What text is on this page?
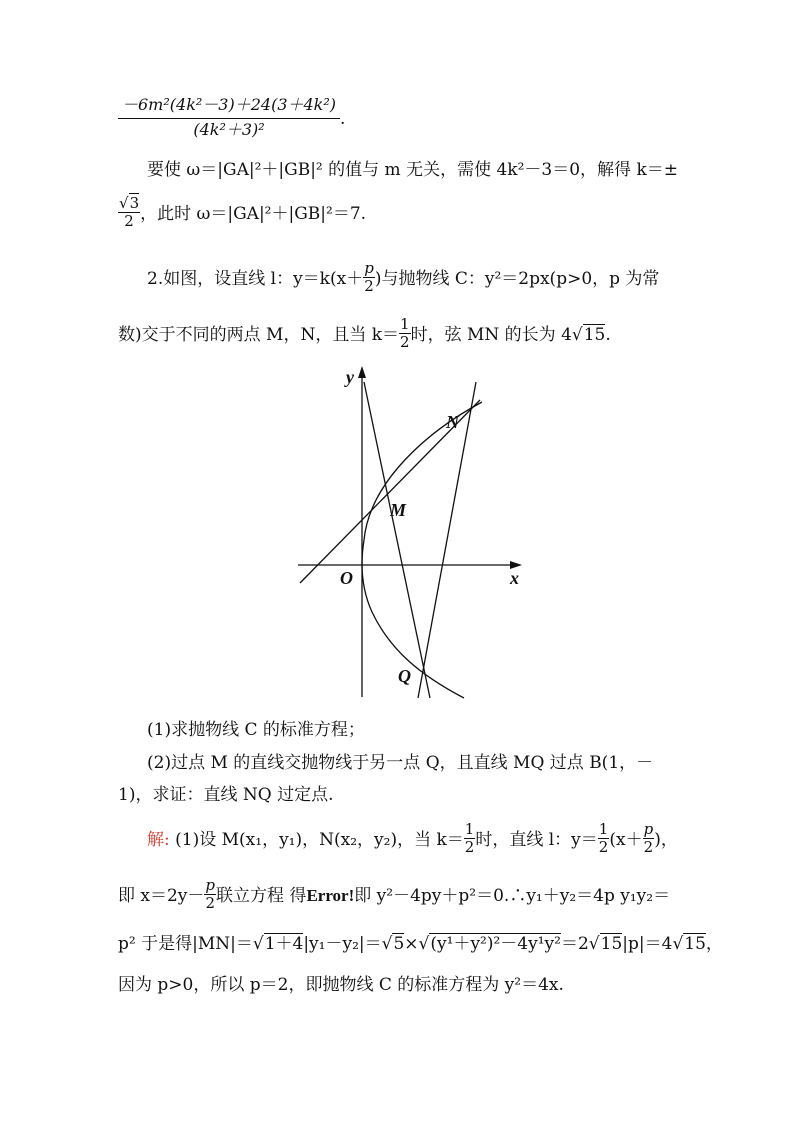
$\frac{\text{－6m²(4k²－3)＋24(3＋4k²)}}{\text{(4k²＋3)²}}$ .
要使 ω＝|GA|²＋|GB|² 的值与 m 无关，需使 4k²－3＝0，解得 k＝±
$\frac{√3}{2}$ ，此时 ω＝|GA|²＋|GB|²＝7.
2.如图，设直线 l：$y=k(x+ \frac{p}{2}$ )与抛物线 C：y²＝2px(p>0，p 为常
数)交于不同的两点 M，N，且当 $k= \frac{1}{2}$ 时，弦 MN 的长为 4√15.
y
x
O
M
N
Q
(1)求抛物线 C 的标准方程；
(2)过点 M 的直线交抛物线于另一点 Q，且直线 MQ 过点 B(1，－
1)，求证：直线 NQ 过定点.
解: (1)设 M(x₁，y₁)，N(x₂，y₂)，当 $k= \frac{1}{2}$ 时，直线 l：$y= \frac{1}{2} (x+ \frac{p}{2}$ )，
即 $x=2y- \frac{p}{2}$ 联立方程 得Error!即 y²－4py＋p²＝0.∴y₁＋y₂＝4p y₁y₂＝
p² 于是得|MN|＝√1＋4|y₁－y₂|＝√5×√(y¹＋y²)²－4y¹y²＝2√15|p|＝4√15，
因为 p>0，所以 p＝2，即抛物线 C 的标准方程为 y²＝4x.
